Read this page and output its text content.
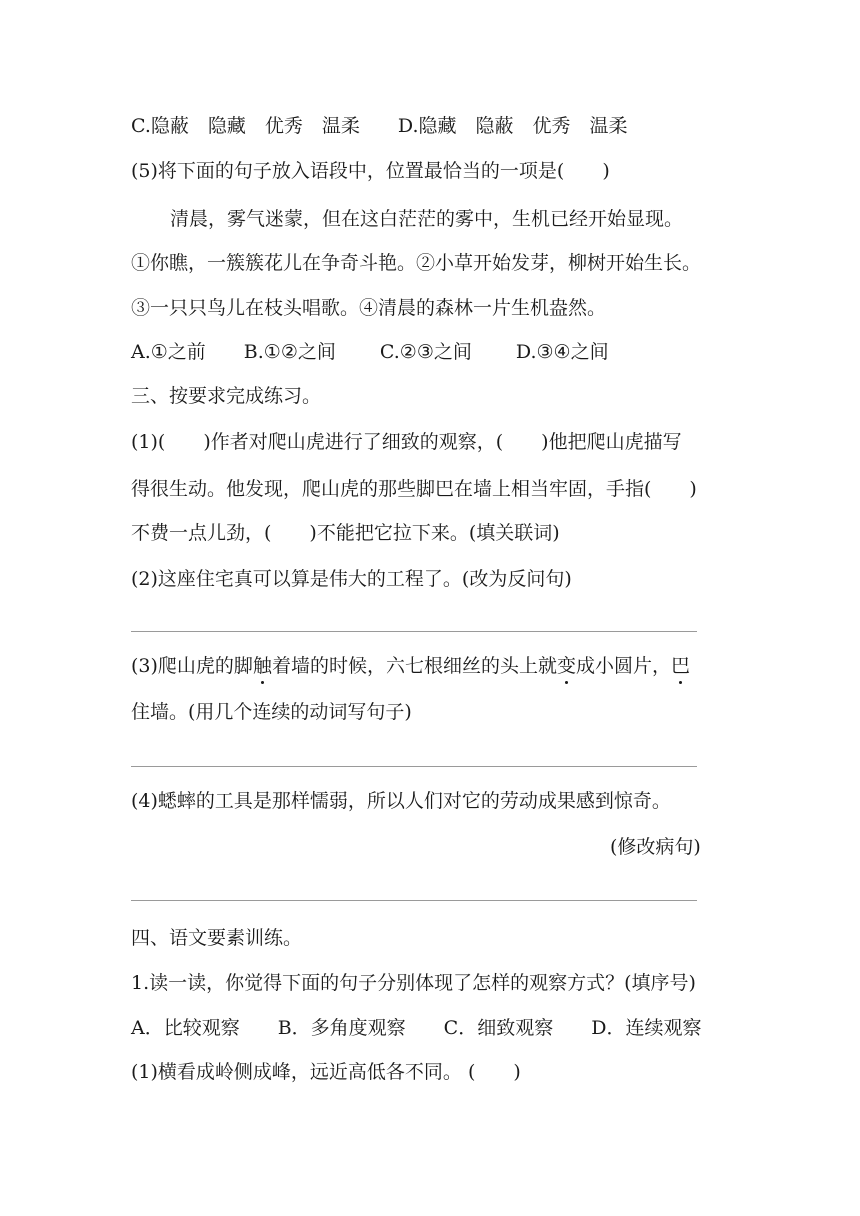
C.隐蔽　隐藏　优秀　温柔　　D.隐藏　隐蔽　优秀　温柔
(5)将下面的句子放入语段中，位置最恰当的一项是(　　)
清晨，雾气迷蒙，但在这白茫茫的雾中，生机已经开始显现。
①你瞧，一簇簇花儿在争奇斗艳。②小草开始发芽，柳树开始生长。
③一只只鸟儿在枝头唱歌。④清晨的森林一片生机盎然。
A.①之前　　B.①②之间　　 C.②③之间　　 D.③④之间
三、按要求完成练习。
(1)(　　)作者对爬山虎进行了细致的观察，(　　)他把爬山虎描写
得很生动。他发现，爬山虎的那些脚巴在墙上相当牢固，手指(　　)
不费一点儿劲，(　　)不能把它拉下来。(填关联词)
(2)这座住宅真可以算是伟大的工程了。(改为反问句)
(3)爬山虎的脚触着墙的时候，六七根细丝的头上就变成小圆片，巴
住墙。(用几个连续的动词写句子)
(4)蟋蟀的工具是那样懦弱，所以人们对它的劳动成果感到惊奇。
(修改病句)
四、语文要素训练。
1.读一读，你觉得下面的句子分别体现了怎样的观察方式？(填序号)
A．比较观察　　B．多角度观察　　C．细致观察　　D．连续观察
(1)横看成岭侧成峰，远近高低各不同。 (　　)
